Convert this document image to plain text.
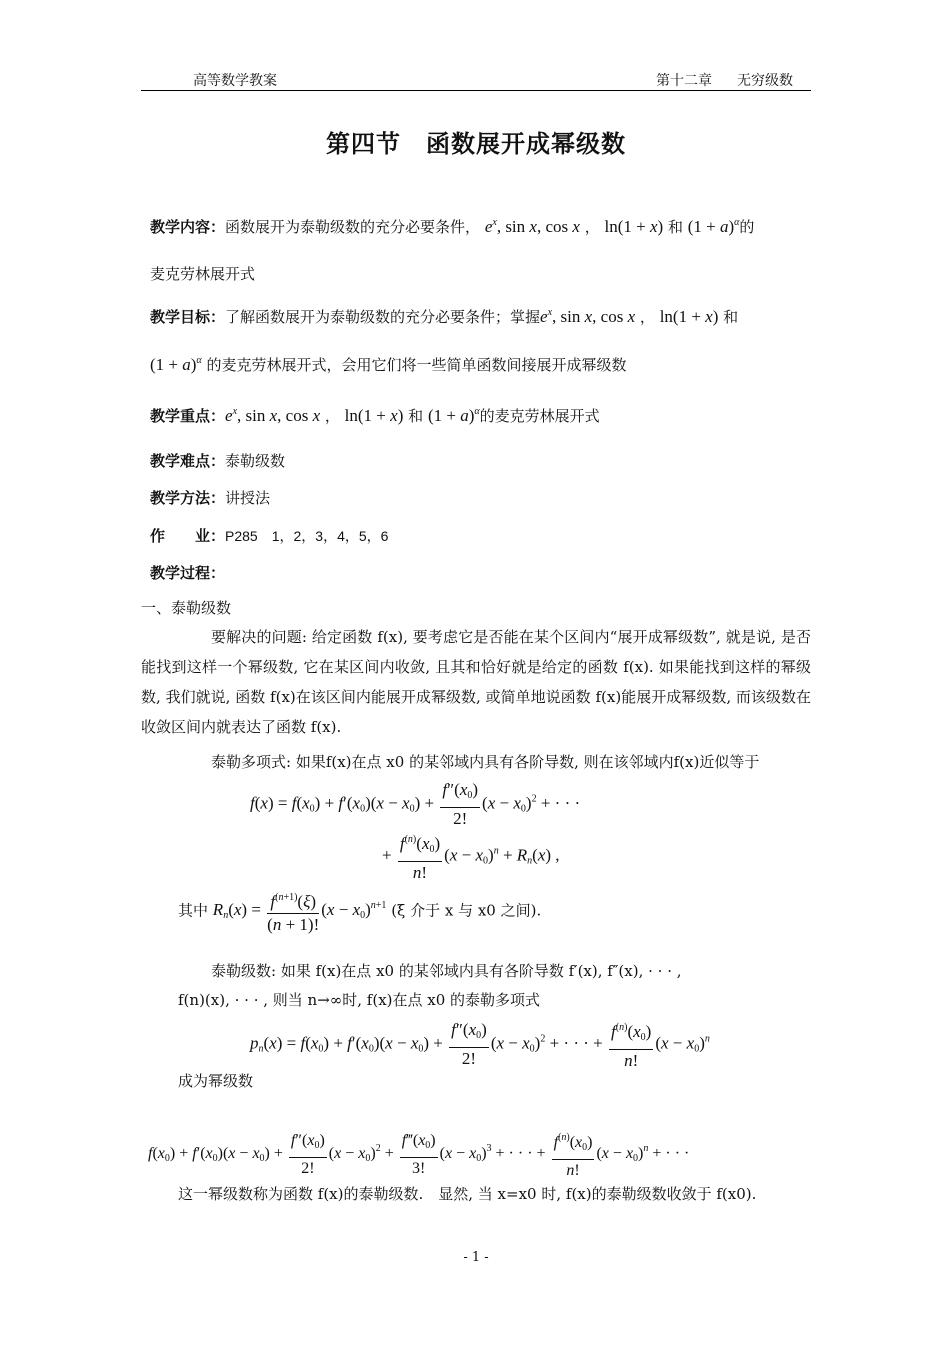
高等数学教案	第十二章 无穷级数
第四节　函数展开成幂级数
教学内容：函数展开为泰勒级数的充分必要条件， $e^x$, sin x, cos x ， ln(1 + x) 和 $(1 + a)^\alpha$的
麦克劳林展开式
教学目标：了解函数展开为泰勒级数的充分必要条件；掌握$e^x$, sin x, cos x ， ln(1 + x) 和
$(1 + a)^\alpha$ 的麦克劳林展开式，会用它们将一些简单函数间接展开成幂级数
教学重点：$e^x$, sin x, cos x ， ln(1 + x) 和 $(1 + a)^\alpha$的麦克劳林展开式
教学难点：泰勒级数
教学方法：讲授法
作　　业：P285　1，2，3，4，5，6
教学过程：
一、泰勒级数
要解决的问题: 给定函数 f(x), 要考虑它是否能在某个区间内“展开成幂级数”, 就是说, 是否能找到这样一个幂级数, 它在某区间内收敛, 且其和恰好就是给定的函数 f(x). 如果能找到这样的幂级数, 我们就说, 函数 f(x)在该区间内能展开成幂级数, 或简单地说函数 f(x)能展开成幂级数, 而该级数在收敛区间内就表达了函数 f(x).
泰勒多项式: 如果f(x)在点 x0 的某邻域内具有各阶导数, 则在该邻域内f(x)近似等于
$f(x) = f(x_0) + f'(x_0)(x - x_0) + \frac{f''(x_0)}{2!} (x - x_0)^2$ + · · ·
+ $\frac{f^{(n)}(x_0)}{n!} (x - x_0)^n + R_n(x)$ ,
其中 $R_n(x) = \frac{f^{(n+1)}(\xi)}{(n + 1)!} (x - x_0)^{n+1}$ (ξ 介于 x 与 x0 之间).
泰勒级数: 如果 f(x)在点 x0 的某邻域内具有各阶导数 f′(x), f″(x), · · · ,
f(n)(x), · · · , 则当 n→∞时, f(x)在点 x0 的泰勒多项式
$p_n(x) = f(x_0) + f'(x_0)(x - x_0) + \frac{f''(x_0)}{2!} (x - x_0)^2$ + · · · + $\frac{f^{(n)}(x_0)}{n!} (x - x_0)^n$
成为幂级数
$f(x_0) + f'(x_0)(x - x_0) + \frac{f''(x_0)}{2!} (x - x_0)^2 + \frac{f‴(x_0)}{3!} (x - x_0)^3$ + · · · + $\frac{f^{(n)}(x_0)}{n!} (x - x_0)^n$ + · · ·
这一幂级数称为函数 f(x)的泰勒级数.　显然, 当 x=x0 时, f(x)的泰勒级数收敛于 f(x0).
- 1 -
